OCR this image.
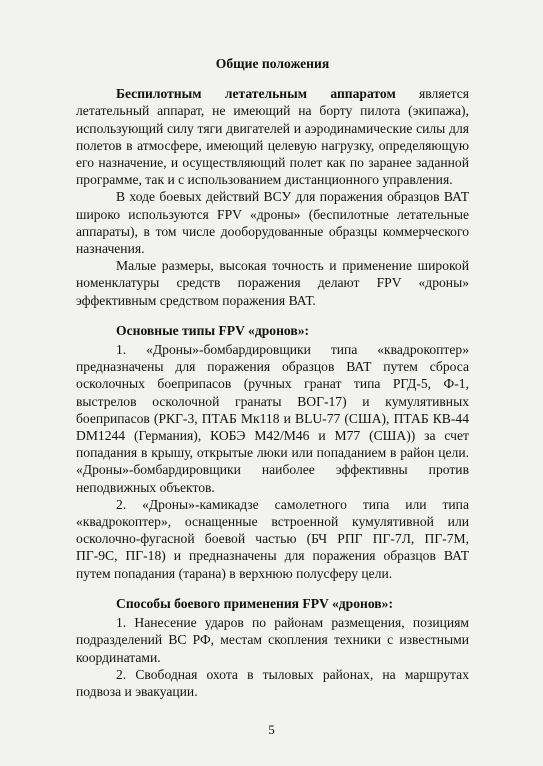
Общие положения

Беспилотным летательным аппаратом является летательный аппарат, не имеющий на борту пилота (экипажа), использующий силу тяги двигателей и аэродинамические силы для полетов в атмосфере, имеющий целевую нагрузку, определяющую его назначение, и осуществляющий полет как по заранее заданной программе, так и с использованием дистанционного управления.

В ходе боевых действий ВСУ для поражения образцов ВАТ широко используются FPV «дроны» (беспилотные летательные аппараты), в том числе дооборудованные образцы коммерческого назначения.

Малые размеры, высокая точность и применение широкой номенклатуры средств поражения делают FPV «дроны» эффективным средством поражения ВАТ.

Основные типы FPV «дронов»:

1. «Дроны»-бомбардировщики типа «квадрокоптер» предназначены для поражения образцов ВАТ путем сброса осколочных боеприпасов (ручных гранат типа РГД-5, Ф-1, выстрелов осколочной гранаты ВОГ-17) и кумулятивных боеприпасов (РКГ-3, ПТАБ Мк118 и BLU-77 (США), ПТАБ КВ-44 DM1244 (Германия), КОБЭ М42/М46 и М77 (США)) за счет попадания в крышу, открытые люки или попаданием в район цели. «Дроны»-бомбардировщики наиболее эффективны против неподвижных объектов.

2. «Дроны»-камикадзе самолетного типа или типа «квадрокоптер», оснащенные встроенной кумулятивной или осколочно-фугасной боевой частью (БЧ РПГ ПГ-7Л, ПГ-7М, ПГ-9С, ПГ-18) и предназначены для поражения образцов ВАТ путем попадания (тарана) в верхнюю полусферу цели.

Способы боевого применения FPV «дронов»:

1. Нанесение ударов по районам размещения, позициям подразделений ВС РФ, местам скопления техники с известными координатами.

2. Свободная охота в тыловых районах, на маршрутах подвоза и эвакуации.

5
